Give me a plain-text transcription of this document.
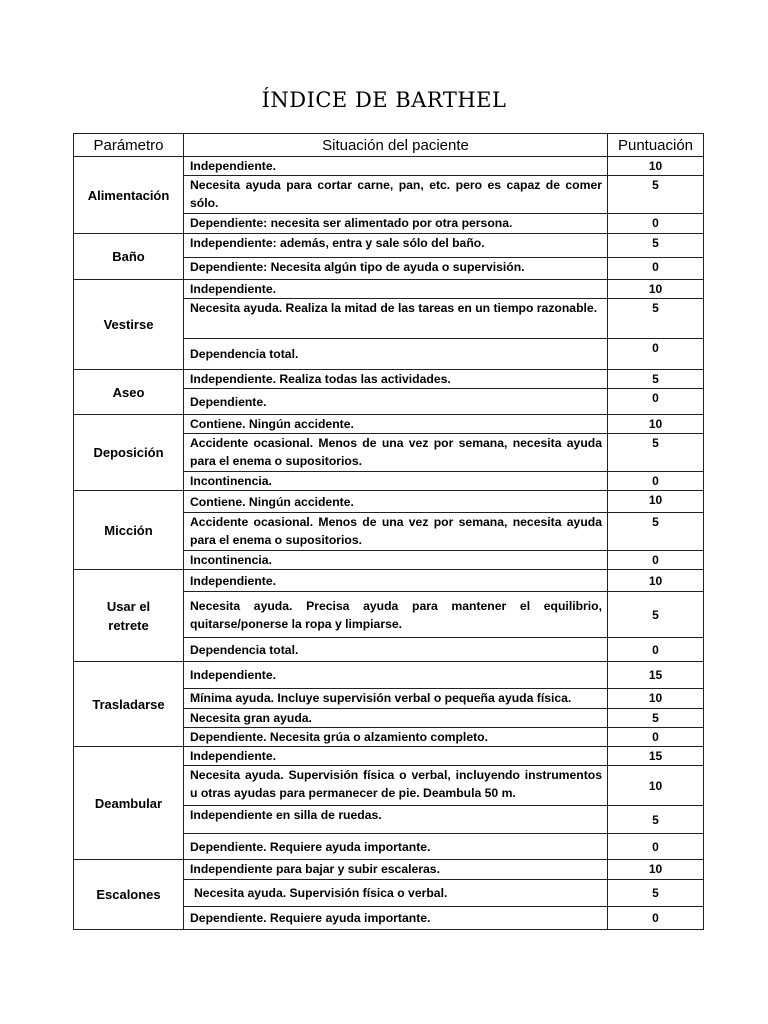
ÍNDICE DE BARTHEL
Parámetro	Situación del paciente	Puntuación
Alimentación	Independiente.	10
	Necesita ayuda para cortar carne, pan, etc. pero es capaz de comer sólo.	5
	Dependiente: necesita ser alimentado por otra persona.	0
Baño	Independiente: además, entra y sale sólo del baño.	5
	Dependiente: Necesita algún tipo de ayuda o supervisión.	0
Vestirse	Independiente.	10
	Necesita ayuda. Realiza la mitad de las tareas en un tiempo razonable.	5
	Dependencia total.	0
Aseo	Independiente. Realiza todas las actividades.	5
	Dependiente.	0
Deposición	Contiene. Ningún accidente.	10
	Accidente ocasional. Menos de una vez por semana, necesita ayuda para el enema o supositorios.	5
	Incontinencia.	0
Micción	Contiene. Ningún accidente.	10
	Accidente ocasional. Menos de una vez por semana, necesita ayuda para el enema o supositorios.	5
	Incontinencia.	0

Usar el retrete	Independiente.	10
	Necesita ayuda. Precisa ayuda para mantener el equilibrio, quitarse/ponerse la ropa y limpiarse.	5
	Dependencia total.	0
Trasladarse	Independiente.	15
	Mínima ayuda. Incluye supervisión verbal o pequeña ayuda física.	10
	Necesita gran ayuda.	5
	Dependiente. Necesita grúa o alzamiento completo.	0
Deambular	Independiente.	15
	Necesita ayuda. Supervisión física o verbal, incluyendo instrumentos u otras ayudas para permanecer de pie. Deambula 50 m.	10
	Independiente en silla de ruedas.	5
	Dependiente. Requiere ayuda importante.	0
Escalones	Independiente para bajar y subir escaleras.	10
	Necesita ayuda. Supervisión física o verbal.	5
	Dependiente. Requiere ayuda importante.	0
